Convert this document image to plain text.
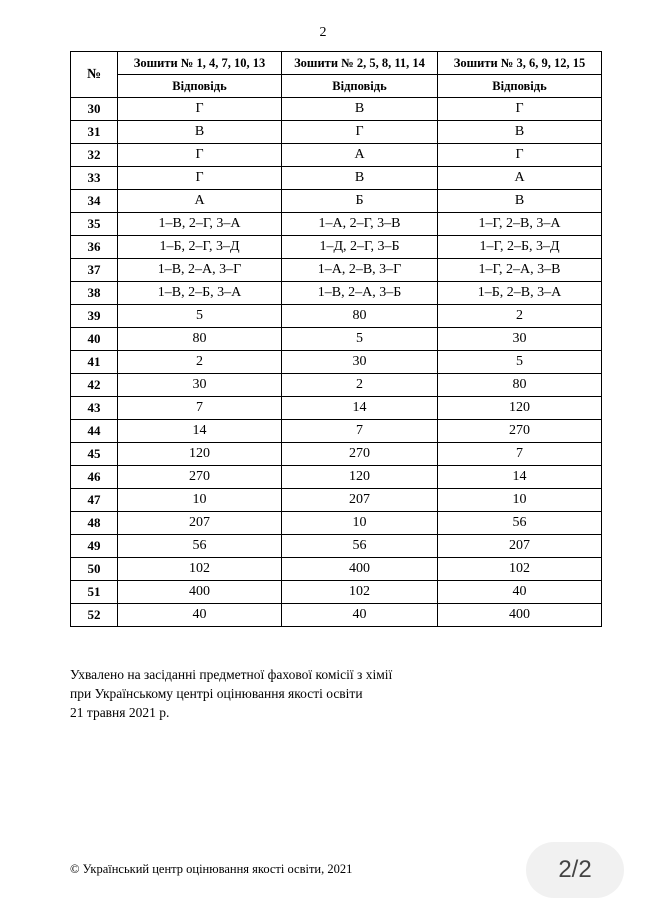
2
№	Зошити № 1, 4, 7, 10, 13	Зошити № 2, 5, 8, 11, 14	Зошити № 3, 6, 9, 12, 15
	Відповідь	Відповідь	Відповідь
30	Г	В	Г
31	В	Г	В
32	Г	А	Г
33	Г	В	А
34	А	Б	В
35	1–В, 2–Г, 3–А	1–А, 2–Г, 3–В	1–Г, 2–В, 3–А
36	1–Б, 2–Г, 3–Д	1–Д, 2–Г, 3–Б	1–Г, 2–Б, 3–Д
37	1–В, 2–А, 3–Г	1–А, 2–В, 3–Г	1–Г, 2–А, 3–В
38	1–В, 2–Б, 3–А	1–В, 2–А, 3–Б	1–Б, 2–В, 3–А
39	5	80	2
40	80	5	30
41	2	30	5
42	30	2	80
43	7	14	120
44	14	7	270
45	120	270	7
46	270	120	14
47	10	207	10
48	207	10	56
49	56	56	207
50	102	400	102
51	400	102	40
52	40	40	400
Ухвалено на засіданні предметної фахової комісії з хімії
при Українському центрі оцінювання якості освіти
21 травня 2021 р.
© Український центр оцінювання якості освіти, 2021	2/2
